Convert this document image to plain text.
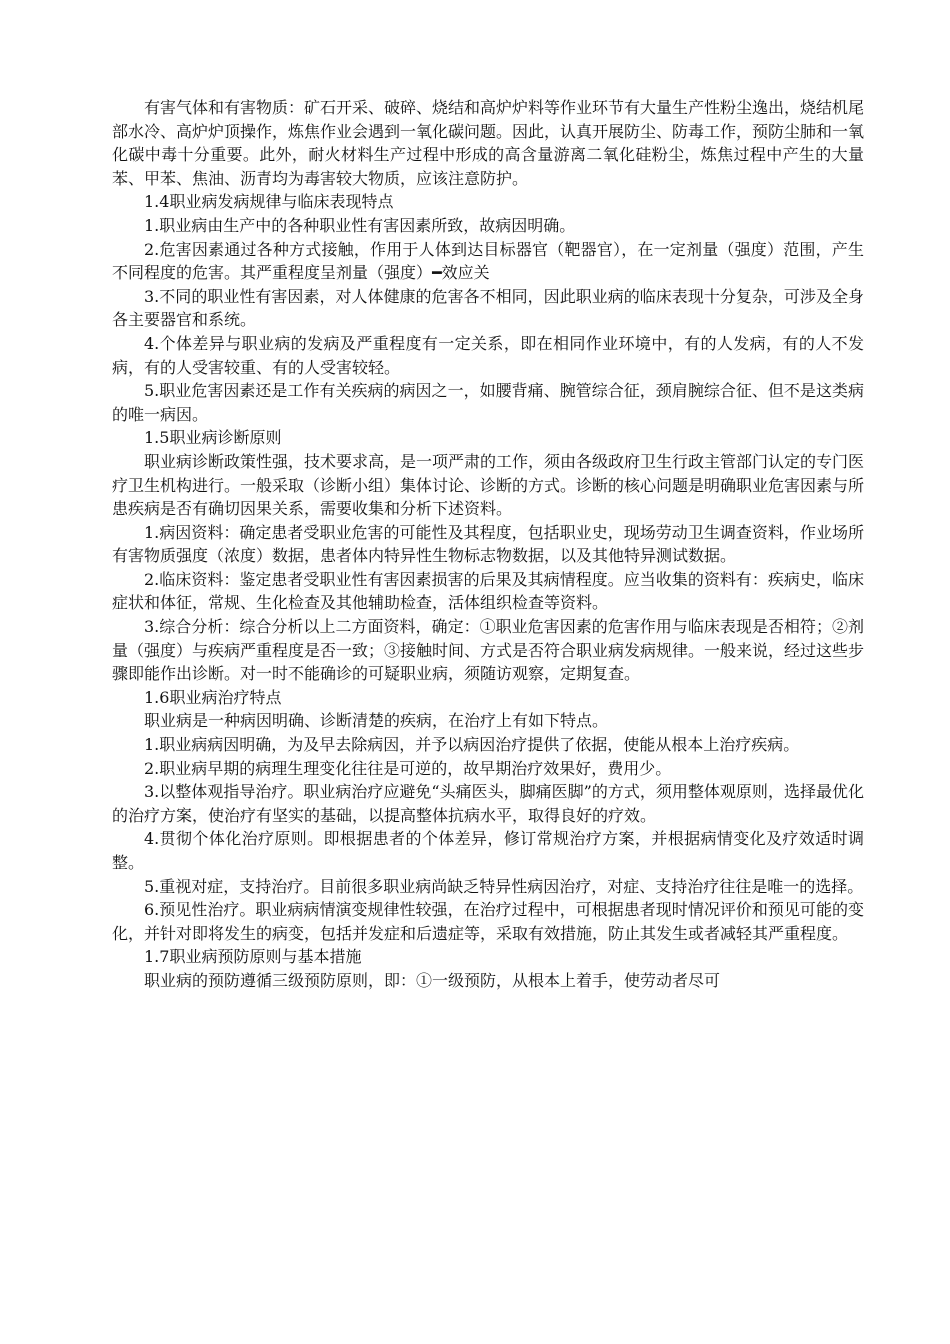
有害气体和有害物质：矿石开采、破碎、烧结和高炉炉料等作业环节有大量生产性粉尘逸出，烧结机尾部水冷、高炉炉顶操作，炼焦作业会遇到一氧化碳问题。因此，认真开展防尘、防毒工作，预防尘肺和一氧化碳中毒十分重要。此外，耐火材料生产过程中形成的高含量游离二氧化硅粉尘，炼焦过程中产生的大量苯、甲苯、焦油、沥青均为毒害较大物质，应该注意防护。

1.4职业病发病规律与临床表现特点

1.职业病由生产中的各种职业性有害因素所致，故病因明确。

2.危害因素通过各种方式接触，作用于人体到达目标器官（靶器官），在一定剂量（强度）范围，产生不同程度的危害。其严重程度呈剂量（强度）━效应关

3.不同的职业性有害因素，对人体健康的危害各不相同，因此职业病的临床表现十分复杂，可涉及全身各主要器官和系统。

4.个体差异与职业病的发病及严重程度有一定关系，即在相同作业环境中，有的人发病，有的人不发病，有的人受害较重、有的人受害较轻。

5.职业危害因素还是工作有关疾病的病因之一，如腰背痛、腕管综合征，颈肩腕综合征、但不是这类病的唯一病因。

1.5职业病诊断原则

职业病诊断政策性强，技术要求高，是一项严肃的工作，须由各级政府卫生行政主管部门认定的专门医疗卫生机构进行。一般采取（诊断小组）集体讨论、诊断的方式。诊断的核心问题是明确职业危害因素与所患疾病是否有确切因果关系，需要收集和分析下述资料。

1.病因资料：确定患者受职业危害的可能性及其程度，包括职业史，现场劳动卫生调查资料，作业场所有害物质强度（浓度）数据，患者体内特异性生物标志物数据，以及其他特异测试数据。

2.临床资料：鉴定患者受职业性有害因素损害的后果及其病情程度。应当收集的资料有：疾病史，临床症状和体征，常规、生化检查及其他辅助检查，活体组织检查等资料。

3.综合分析：综合分析以上二方面资料，确定：①职业危害因素的危害作用与临床表现是否相符；②剂量（强度）与疾病严重程度是否一致；③接触时间、方式是否符合职业病发病规律。一般来说，经过这些步骤即能作出诊断。对一时不能确诊的可疑职业病，须随访观察，定期复查。

1.6职业病治疗特点

职业病是一种病因明确、诊断清楚的疾病，在治疗上有如下特点。

1.职业病病因明确，为及早去除病因，并予以病因治疗提供了依据，使能从根本上治疗疾病。

2.职业病早期的病理生理变化往往是可逆的，故早期治疗效果好，费用少。

3.以整体观指导治疗。职业病治疗应避免“头痛医头，脚痛医脚”的方式，须用整体观原则，选择最优化的治疗方案，使治疗有坚实的基础，以提高整体抗病水平，取得良好的疗效。

4.贯彻个体化治疗原则。即根据患者的个体差异，修订常规治疗方案，并根据病情变化及疗效适时调整。

5.重视对症，支持治疗。目前很多职业病尚缺乏特异性病因治疗，对症、支持治疗往往是唯一的选择。

6.预见性治疗。职业病病情演变规律性较强，在治疗过程中，可根据患者现时情况评价和预见可能的变化，并针对即将发生的病变，包括并发症和后遗症等，采取有效措施，防止其发生或者减轻其严重程度。

1.7职业病预防原则与基本措施

职业病的预防遵循三级预防原则，即：①一级预防，从根本上着手，使劳动者尽可
